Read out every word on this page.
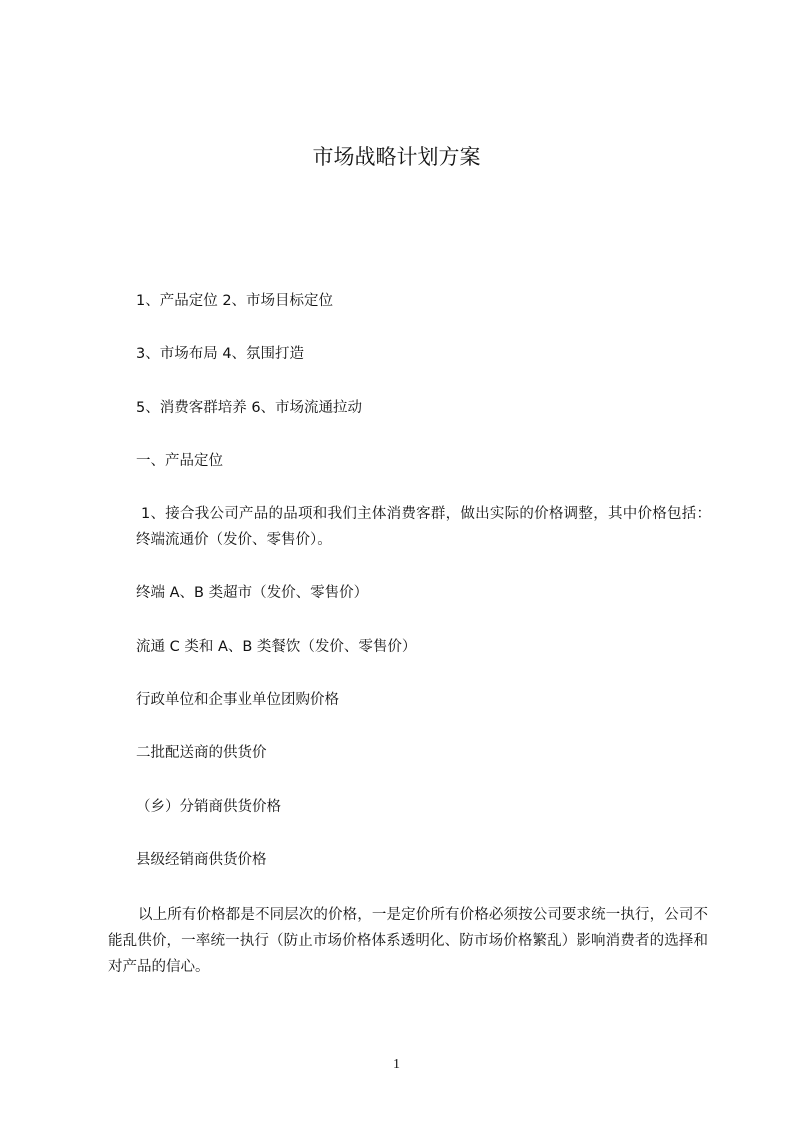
市场战略计划方案

1、产品定位 2、市场目标定位

3、市场布局 4、氛围打造

5、消费客群培养 6、市场流通拉动

一、产品定位

1、接合我公司产品的品项和我们主体消费客群，做出实际的价格调整，其中价格包括：终端流通价（发价、零售价）。

终端 A、B 类超市（发价、零售价）

流通 C 类和 A、B 类餐饮（发价、零售价）

行政单位和企事业单位团购价格

二批配送商的供货价

（乡）分销商供货价格

县级经销商供货价格

以上所有价格都是不同层次的价格，一是定价所有价格必须按公司要求统一执行，公司不能乱供价，一率统一执行（防止市场价格体系透明化、防市场价格繁乱）影响消费者的选择和对产品的信心。

1
